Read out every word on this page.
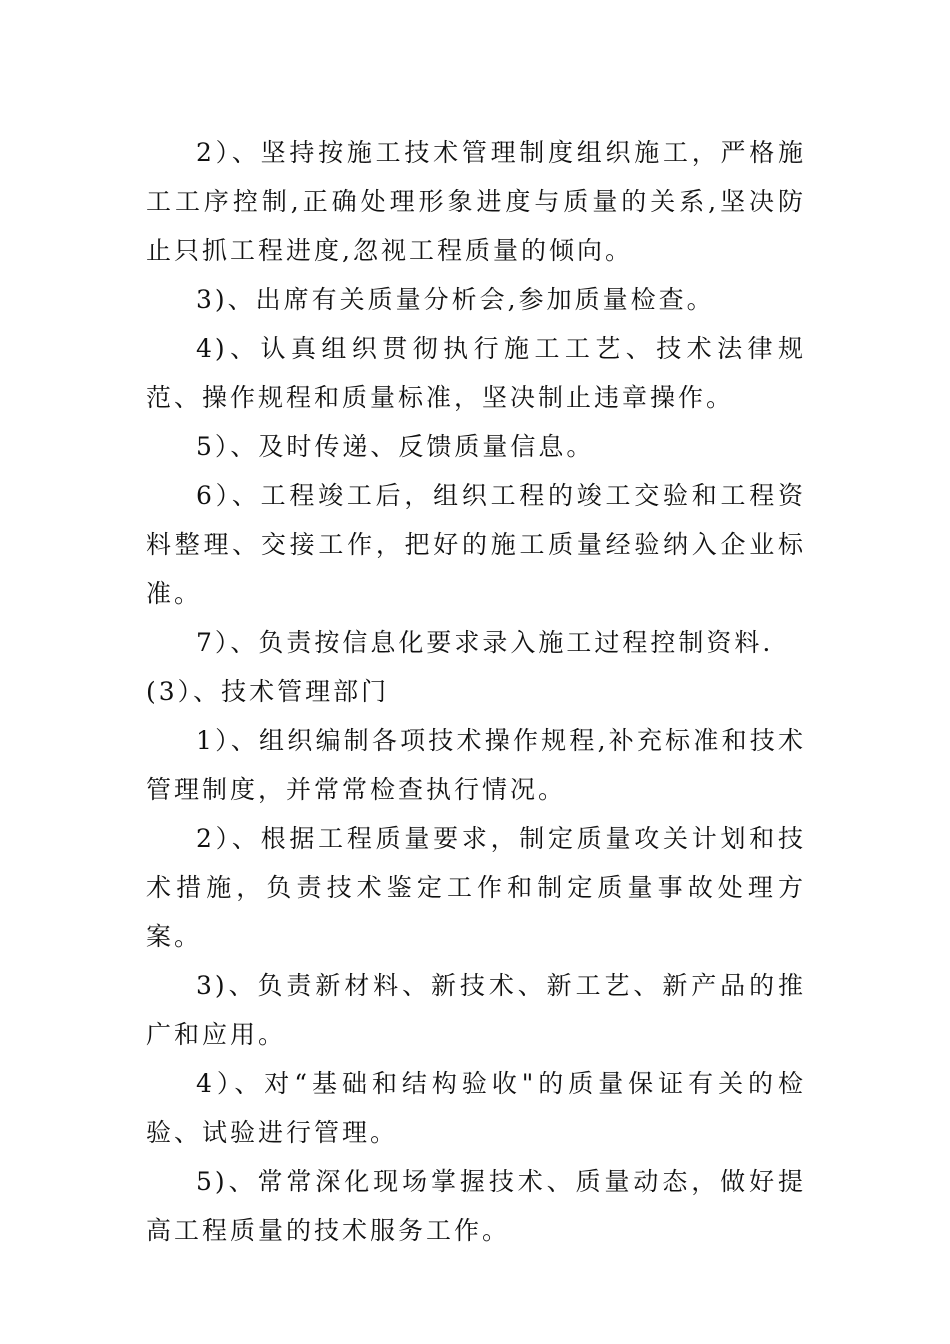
2）、坚持按施工技术管理制度组织施工，严格施工工序控制,正确处理形象进度与质量的关系,坚决防止只抓工程进度,忽视工程质量的倾向。

3)、出席有关质量分析会,参加质量检查。

4)、认真组织贯彻执行施工工艺、技术法律规范、操作规程和质量标准，坚决制止违章操作。

5）、及时传递、反馈质量信息。

6）、工程竣工后，组织工程的竣工交验和工程资料整理、交接工作，把好的施工质量经验纳入企业标准。

7）、负责按信息化要求录入施工过程控制资料.

(3）、技术管理部门

1）、组织编制各项技术操作规程,补充标准和技术管理制度，并常常检查执行情况。

2）、根据工程质量要求，制定质量攻关计划和技术措施，负责技术鉴定工作和制定质量事故处理方案。

3)、负责新材料、新技术、新工艺、新产品的推广和应用。

4）、对“基础和结构验收"的质量保证有关的检验、试验进行管理。

5)、常常深化现场掌握技术、质量动态，做好提高工程质量的技术服务工作。
